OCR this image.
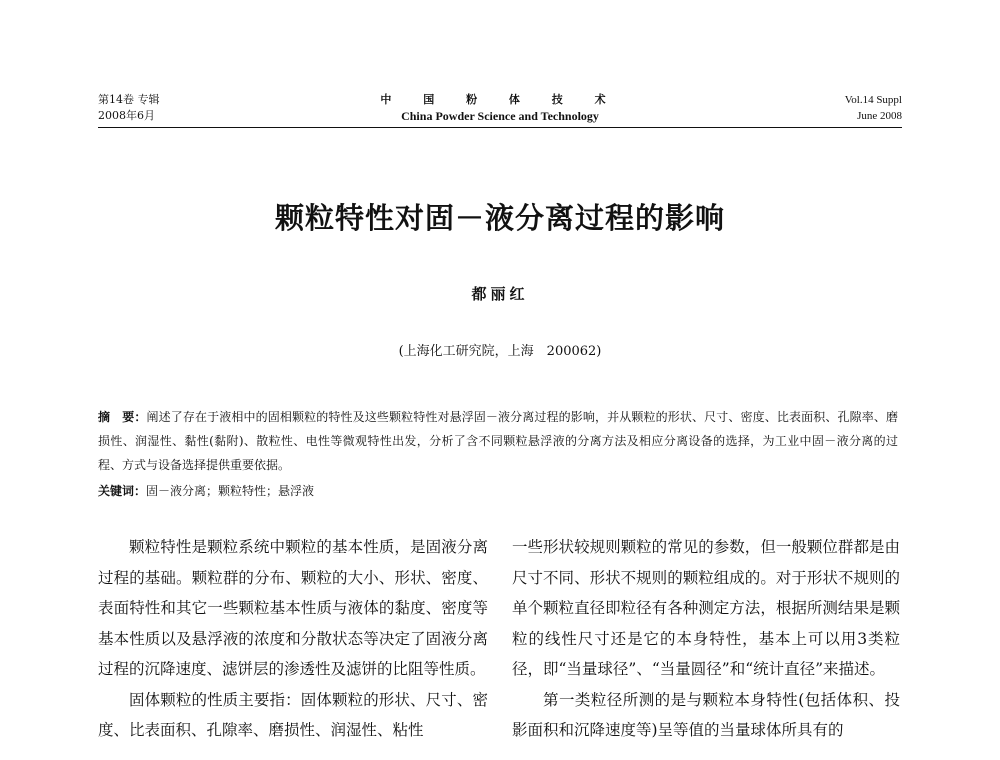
第14卷 专辑
2008年6月
中 国 粉 体 技 术
China Powder Science and Technology
Vol.14 Suppl
June 2008
颗粒特性对固－液分离过程的影响
都丽红
(上海化工研究院，上海　200062)
摘　要：阐述了存在于液相中的固相颗粒的特性及这些颗粒特性对悬浮固－液分离过程的影响，并从颗粒的形状、尺寸、密度、比表面积、孔隙率、磨损性、润湿性、黏性(黏附)、散粒性、电性等微观特性出发，分析了含不同颗粒悬浮液的分离方法及相应分离设备的选择，为工业中固－液分离的过程、方式与设备选择提供重要依据。
关键词：固－液分离；颗粒特性；悬浮液

颗粒特性是颗粒系统中颗粒的基本性质，是固液分离过程的基础。颗粒群的分布、颗粒的大小、形状、密度、表面特性和其它一些颗粒基本性质与液体的黏度、密度等基本性质以及悬浮液的浓度和分散状态等决定了固液分离过程的沉降速度、滤饼层的渗透性及滤饼的比阻等性质。

固体颗粒的性质主要指：固体颗粒的形状、尺寸、密度、比表面积、孔隙率、磨损性、润湿性、粘性

一些形状较规则颗粒的常见的参数，但一般颗位群都是由尺寸不同、形状不规则的颗粒组成的。对于形状不规则的单个颗粒直径即粒径有各种测定方法，根据所测结果是颗粒的线性尺寸还是它的本身特性，基本上可以用3类粒径，即“当量球径”、“当量圆径”和“统计直径”来描述。

第一类粒径所测的是与颗粒本身特性(包括体积、投影面积和沉降速度等)呈等值的当量球体所具有的
